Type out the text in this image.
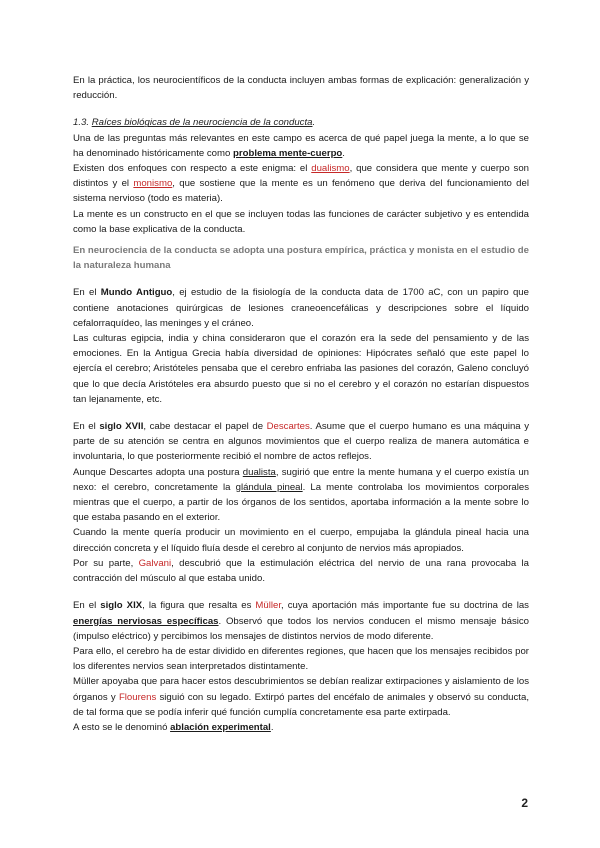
En la práctica, los neurocientíficos de la conducta incluyen ambas formas de explicación: generalización y reducción.

1.3. Raíces biológicas de la neurociencia de la conducta.

Una de las preguntas más relevantes en este campo es acerca de qué papel juega la mente, a lo que se ha denominado históricamente como problema mente-cuerpo.

Existen dos enfoques con respecto a este enigma: el dualismo, que considera que mente y cuerpo son distintos y el monismo, que sostiene que la mente es un fenómeno que deriva del funcionamiento del sistema nervioso (todo es materia).

La mente es un constructo en el que se incluyen todas las funciones de carácter subjetivo y es entendida como la base explicativa de la conducta.

En neurociencia de la conducta se adopta una postura empírica, práctica y monista en el estudio de la naturaleza humana

En el Mundo Antiguo, ej estudio de la fisiología de la conducta data de 1700 aC, con un papiro que contiene anotaciones quirúrgicas de lesiones craneoencefálicas y descripciones sobre el líquido cefalorraquídeo, las meninges y el cráneo.

Las culturas egipcia, india y china consideraron que el corazón era la sede del pensamiento y de las emociones. En la Antigua Grecia había diversidad de opiniones: Hipócrates señaló que este papel lo ejercía el cerebro; Aristóteles pensaba que el cerebro enfriaba las pasiones del corazón, Galeno concluyó que lo que decía Aristóteles era absurdo puesto que si no el cerebro y el corazón no estarían dispuestos tan lejanamente, etc.

En el siglo XVII, cabe destacar el papel de Descartes. Asume que el cuerpo humano es una máquina y parte de su atención se centra en algunos movimientos que el cuerpo realiza de manera automática e involuntaria, lo que posteriormente recibió el nombre de actos reflejos.

Aunque Descartes adopta una postura dualista, sugirió que entre la mente humana y el cuerpo existía un nexo: el cerebro, concretamente la glándula pineal. La mente controlaba los movimientos corporales mientras que el cuerpo, a partir de los órganos de los sentidos, aportaba información a la mente sobre lo que estaba pasando en el exterior.

Cuando la mente quería producir un movimiento en el cuerpo, empujaba la glándula pineal hacia una dirección concreta y el líquido fluía desde el cerebro al conjunto de nervios más apropiados.

Por su parte, Galvani, descubrió que la estimulación eléctrica del nervio de una rana provocaba la contracción del músculo al que estaba unido.

En el siglo XIX, la figura que resalta es Müller, cuya aportación más importante fue su doctrina de las energías nerviosas específicas. Observó que todos los nervios conducen el mismo mensaje básico (impulso eléctrico) y percibimos los mensajes de distintos nervios de modo diferente.

Para ello, el cerebro ha de estar dividido en diferentes regiones, que hacen que los mensajes recibidos por los diferentes nervios sean interpretados distintamente.

Müller apoyaba que para hacer estos descubrimientos se debían realizar extirpaciones y aislamiento de los órganos y Flourens siguió con su legado. Extirpó partes del encéfalo de animales y observó su conducta, de tal forma que se podía inferir qué función cumplía concretamente esa parte extirpada.

A esto se le denominó ablación experimental.

2
